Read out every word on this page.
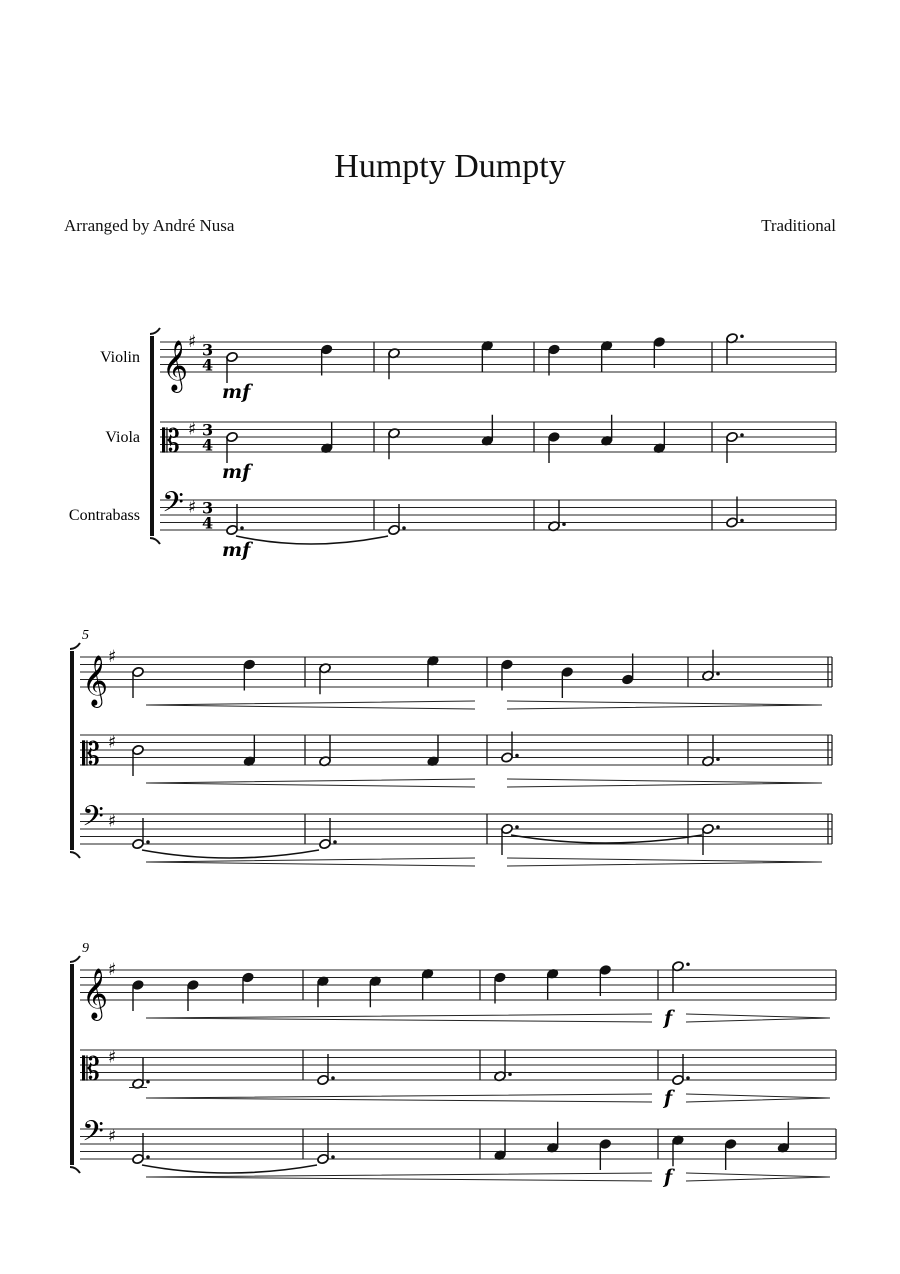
Humpty Dumpty
Arranged by André Nusa	Traditional
Violin 𝄞 ♯ 3
4
mf
Viola 𝄡 ♯ 3
4
mf
Contrabass 𝄢 ♯ 3
4
mf
5
𝄞 ♯
𝄡 ♯
𝄢 ♯
9
𝄞 ♯
f
𝄡 ♯
f
𝄢 ♯
f
